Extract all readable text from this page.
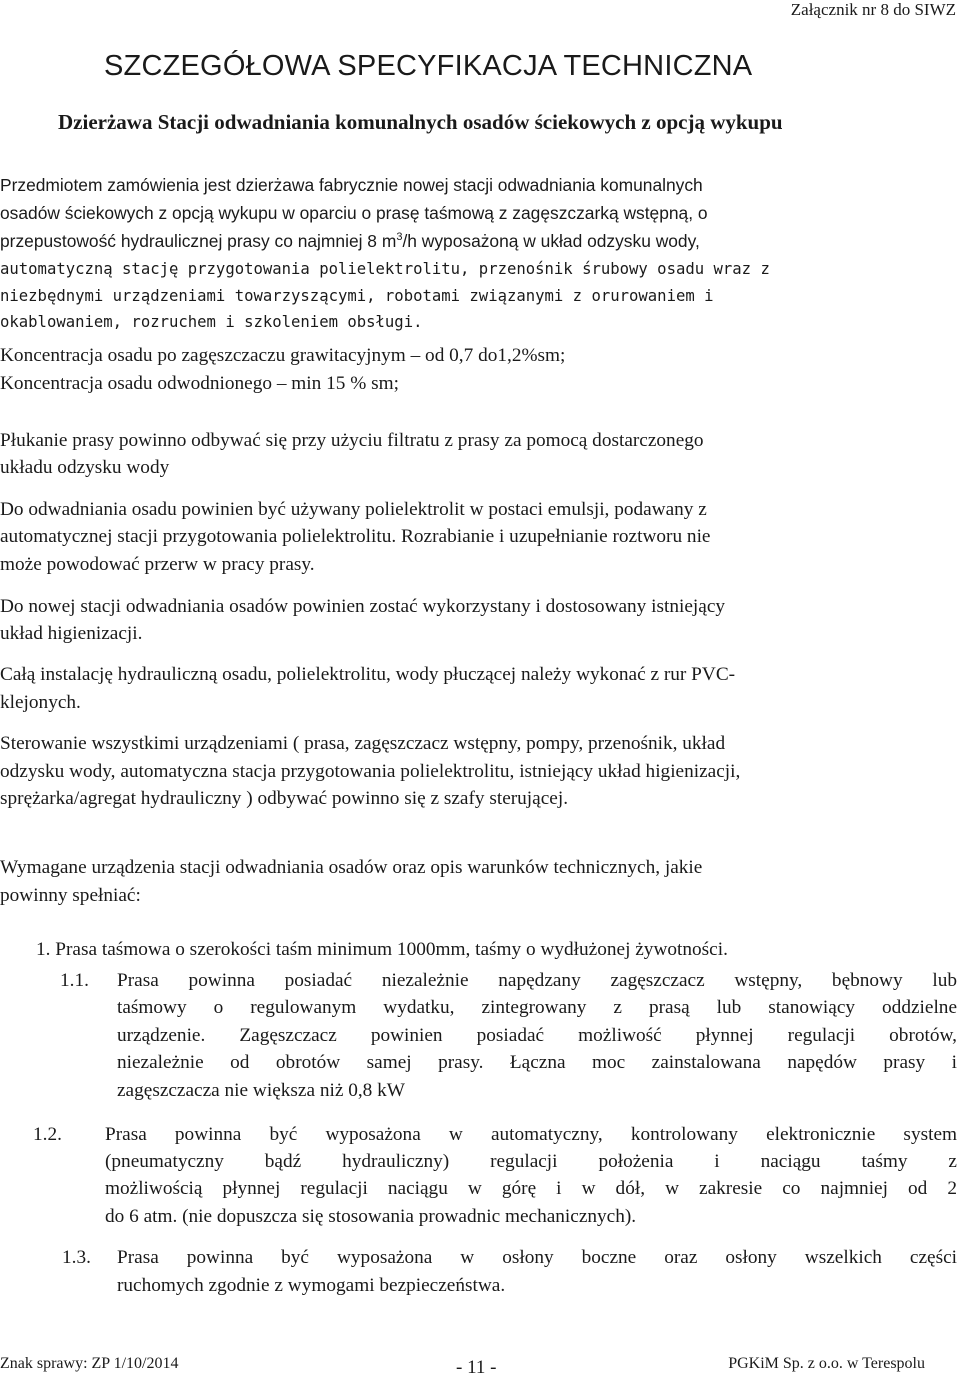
Załącznik nr 8 do SIWZ
SZCZEGÓŁOWA SPECYFIKACJA TECHNICZNA
Dzierżawa Stacji odwadniania komunalnych osadów ściekowych z opcją wykupu
Przedmiotem zamówienia jest dzierżawa fabrycznie nowej stacji odwadniania komunalnych
osadów ściekowych z opcją wykupu w oparciu o prasę taśmową z zagęszczarką wstępną, o
przepustowość hydraulicznej prasy co najmniej 8 $m^3/h$ wyposażoną w układ odzysku wody,
automatyczną stację przygotowania polielektrolitu, przenośnik śrubowy osadu wraz z
niezbędnymi urządzeniami towarzyszącymi, robotami związanymi z orurowaniem i
okablowaniem, rozruchem i szkoleniem obsługi.
Koncentracja osadu po zagęszczaczu grawitacyjnym – od 0,7 do1,2%sm;
Koncentracja osadu odwodnionego – min 15 % sm;
Płukanie prasy powinno odbywać się przy użyciu filtratu z prasy za pomocą dostarczonego
układu odzysku wody
Do odwadniania osadu powinien być używany polielektrolit w postaci emulsji, podawany z
automatycznej stacji przygotowania polielektrolitu. Rozrabianie i uzupełnianie roztworu nie
może powodować przerw w pracy prasy.
Do nowej stacji odwadniania osadów powinien zostać wykorzystany i dostosowany istniejący
układ higienizacji.
Całą instalację hydrauliczną osadu, polielektrolitu, wody płuczącej należy wykonać z rur PVC-
klejonych.
Sterowanie wszystkimi urządzeniami ( prasa, zagęszczacz wstępny, pompy, przenośnik, układ
odzysku wody, automatyczna stacja przygotowania polielektrolitu, istniejący układ higienizacji,
sprężarka/agregat hydrauliczny ) odbywać powinno się z szafy sterującej.
Wymagane urządzenia stacji odwadniania osadów oraz opis warunków technicznych, jakie
powinny spełniać:
1. Prasa taśmowa o szerokości taśm minimum 1000mm, taśmy o wydłużonej żywotności.
1.1. Prasa powinna posiadać niezależnie napędzany zagęszczacz wstępny, bębnowy lub
taśmowy o regulowanym wydatku, zintegrowany z prasą lub stanowiący oddzielne
urządzenie. Zagęszczacz powinien posiadać możliwość płynnej regulacji obrotów,
niezależnie od obrotów samej prasy. Łączna moc zainstalowana napędów prasy i
zagęszczacza nie większa niż 0,8 kW
1.2. Prasa powinna być wyposażona w automatyczny, kontrolowany elektronicznie system
(pneumatyczny bądź hydrauliczny) regulacji położenia i naciągu taśmy z
możliwością płynnej regulacji naciągu w górę i w dół, w zakresie co najmniej od 2
do 6 atm. (nie dopuszcza się stosowania prowadnic mechanicznych).
1.3. Prasa powinna być wyposażona w osłony boczne oraz osłony wszelkich części
ruchomych zgodnie z wymogami bezpieczeństwa.
Znak sprawy: ZP 1/10/2014	- 11 -	PGKiM Sp. z o.o. w Terespolu
